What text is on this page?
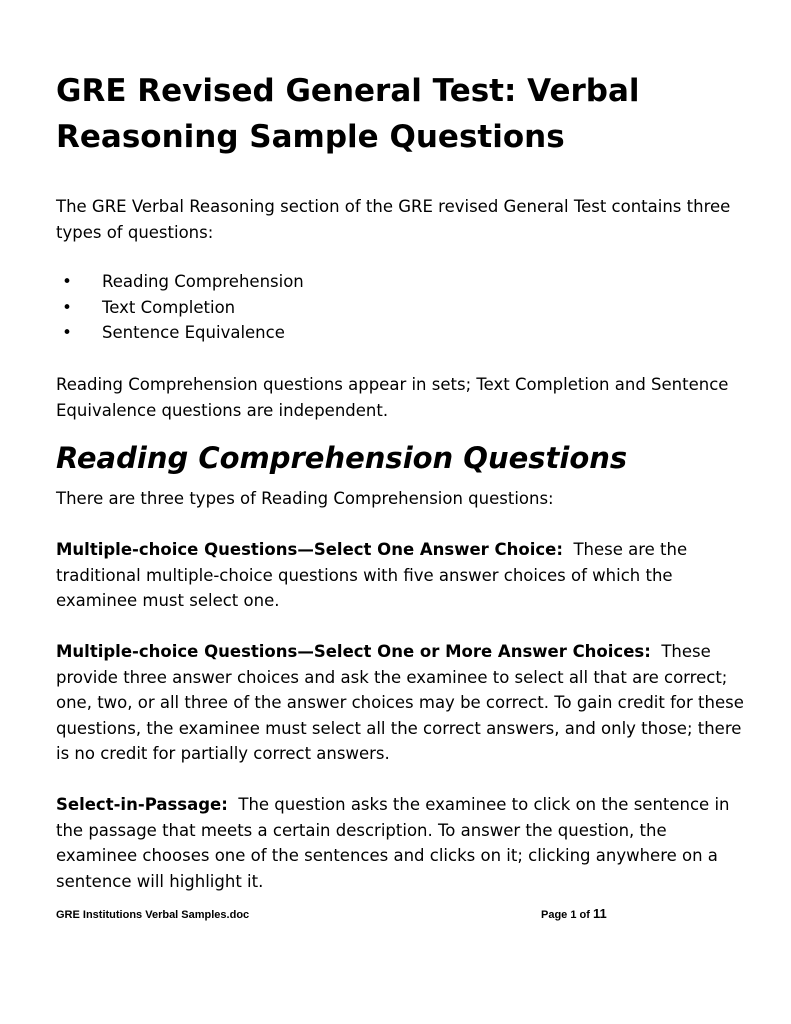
GRE Revised General Test: Verbal
Reasoning Sample Questions

The GRE Verbal Reasoning section of the GRE revised General Test contains three types of questions:

•	Reading Comprehension
•	Text Completion
•	Sentence Equivalence

Reading Comprehension questions appear in sets; Text Completion and Sentence Equivalence questions are independent.

Reading Comprehension Questions

There are three types of Reading Comprehension questions:

Multiple-choice Questions—Select One Answer Choice: These are the traditional multiple-choice questions with five answer choices of which the examinee must select one.

Multiple-choice Questions—Select One or More Answer Choices: These provide three answer choices and ask the examinee to select all that are correct; one, two, or all three of the answer choices may be correct. To gain credit for these questions, the examinee must select all the correct answers, and only those; there is no credit for partially correct answers.

Select-in-Passage: The question asks the examinee to click on the sentence in the passage that meets a certain description. To answer the question, the examinee chooses one of the sentences and clicks on it; clicking anywhere on a sentence will highlight it.

GRE Institutions Verbal Samples.doc	Page 1 of 11
